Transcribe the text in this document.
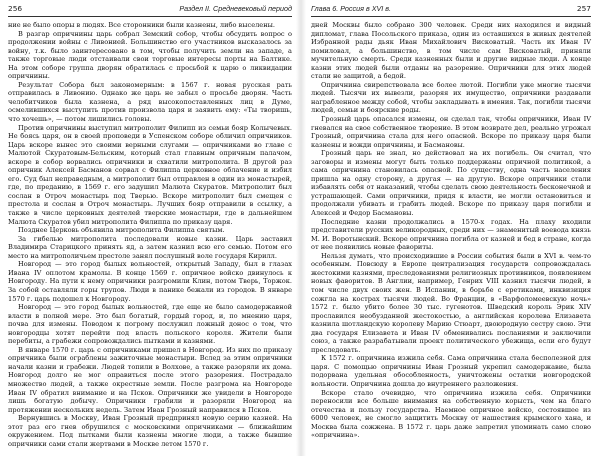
256	Раздел II. Средневековый период

ние не было опоры в людях. Все сторонники были казнены, либо выселены.

В разгар опричнины царь собрал Земский собор, чтобы обсудить вопрос о продолжении войны с Ливонией. Большинство его участников высказалось за войну, т.к. было заинтересовано в том, чтобы получить земли на западе, а также торговые люди отстаивали свои торговые интересы порты на Балтике. На этом соборе группа дворян обратилась с просьбой к царю о ликвидации опричнины.

Результат Собора был закономерным: в 1567 г. новая русская рать отправилась в Ливонию. Однако же царь не забыл о просьбе дворян. Часть челобитчиков была казнена, а ряд высокопоставленных лиц в Думе, осмелившихся выступить против произвола царя и заявить ему: «Ты творишь, что хочешь», — потом лишились головы.

Против опричнины выступил митрополит Филипп из семьи бояр Колычевых. Не боясь царя, он в своей проповеди в Успенском соборе обличил опричников. Царь вскоре вынес это своими верными слугами — опричниками во главе с Малютой Скуратовым-Бельским, который стал главным опричным палачом, вскоре в собор ворвались опричники и схватили митрополита. В другой раз опричник Алексей Басманов сорвал с Филиппа церковное облачение и избил его. Суд был неправедным, а митрополит был отправлен в один из монастырей, где, по преданию, в 1569 г. его задушил Малюта Скуратов. Митрополит был сослан в Отроч монастырь под Тверью. Вскоре митрополит был смещен с престола и сослан в Отроч монастырь. Лучших бояр отправили в ссылку, а также в числе церковных деятелей тверские монастыри, где в дальнейшем Малюта Скуратов убил митрополита Филиппа по приказу царя.

Позднее Церковь объявила митрополита Филиппа святым.

За гибелью митрополита последовали новые казни. Царь заставил Владимира Старицкого принять яд, а затем казнил всю его семью. Потом его место на митрополичьем престоле занял послушный воле государя Кирилл.

Новгород — это город былых вольностей, открытый Западу, был в глазах Ивана IV оплотом крамолы. В конце 1569 г. опричное войско двинулось к Новгороду. На пути к нему опричники разгромили Клин, потом Тверь, Торжок. За собой оставляли горы трупов. Люди в панике бежали из городов. В январе 1570 г. царь подошел к Новгороду.

Новгород — это город былых вольностей, где еще не было самодержавной власти в полной мере. Это был богатый, гордый город, и, по мнению царя, почва для измены. Поводом к погрому послужил ложный донос о том, что новгородцы хотят перейти под власть польского короля. Жители были перебиты, а грабежи сопровождались пытками и казнями.

В январе 1570 г. царь с опричниками пришел в Новгород. Из них по приказу опричника были ограблены зажиточные монастыри. Вслед за этим опричники начали казни и грабежи. Людей топили в Волхове, а также разоряли их дома. Новгород долго не мог оправиться после этого разорения. Пострадало множество людей, а также окрестные земли. После разгрома на Новгороде Иван IV обратил внимание и на Псков. Опричники же увидели в Новгороде лишь богатую добычу. Опричники грабили и разоряли Новгород на протяжении нескольких недель. Затем Иван Грозный направился в Псков.

Вернувшись в Москву, Иван Грозный предпринял новую серию казней. На этот раз его гнев обрушился с московскими опричниками — ближайшим окружением. Под пытками были казнены многие люди, а также бывшие опричники сами стали жертвами в Москве летом 1570 г.

Глава 6. Россия в XVI в.	257

дней Москвы было собрано 300 человек. Среди них находился и видный дипломат, глава Посольского приказа, один из оставшихся в живых деятелей Избранной рады дьяк Иван Михайлович Висковатый. Часть их Иван IV помиловал, а большинство, в том числе сам Висковатый, приняли мучительную смерть. Среди казненных были и другие видные люди. А конце казни этих людей были отданы на разорение. Опричники для этих людей стали не защитой, а бедой.

Опричнина свирепствовала все более лютой. Погибли уже многие тысячи людей. Тысячи их вывезли, разоряя их имущество, опричники раздавали награбленное между собой, чтобы закладывать в имения. Так, погибли тысячи людей, семьи и боярские роды.

Грозный царь опасался измены, он сделал так, чтобы опричники, Иван IV гневался на свое собственное творение. В этом возврате дел, реально угрожал Грозный, опричнина стала для него опасной. Вскоре по приказу царя были казнены и вожди опричнины, и Басмановы.

Грозный царь не знал, но действовал на их погибель. Он считал, что заговоры и измены могут быть только поддержаны опричной политикой, а сама опричнина становилась опасной. По существу, одна часть населения пришла на одну сторону, а другая — на другую. Вскоре опричники стали избавлять себя от наказаний, чтобы сделать свою деятельность бесконечной и устрашающей. Сами опричники, придя к власти, не могли остановиться и продолжали убивать и грабить людей. Вскоре по приказу царя погибли и Алексей и Федор Басмановы.

Последние казни продолжались в 1570-х годах. На плаху входили представители русских великородных, среди них — знаменитый воевода князь М. И. Воротынский. Вскоре опричнина погибла от казней и бед в стране, когда от нее появились новые фавориты.

Нельзя думать, что происходившие в России события были в XVI в. чем-то особенным. Повсюду в Европе централизация государств сопровождалась жестокими казнями, преследованиями религиозных противников, появлением новых фаворитов. В Англии, например, Генрих VIII казнил тысячи людей, в том числе двух своих жен. В Испании, в борьбе с еретиками, инквизиция сожгла на кострах тысячи людей. Во Франции, в «Варфоломеевскую ночь» 1572 г. было убито более 30 тыс. гугенотов. Шведский король Эрик XIV прославился необузданной жестокостью, а английская королева Елизавета казнила шотландскую королеву Марию Стюарт, двоюродную сестру свою. Эти два государя Елизавета и Иван IV обменивались посланиями и заключили союз, а также разрабатывали проект политического убежища, если его будут преследовать.

К 1572 г. опричнина изжила себя. Сама опричнина стала бесполезной для царя. С помощью опричнины Иван Грозный укрепил самодержавие, была подорвана удельная обособленность, уничтожены остатки новгородской вольности. Опричнина дошла до внутреннего разложения.

Вскоре стало очевидно, что опричнина изжила себя. Опричники переносили все больше внимания на собственную корысть, чем на благо отечества и пользу государства. Наемное опричное войско, состоявшее из 6000 человек, не смогло защитить Москву от нашествия крымского хана, и Москва была сожжена. В 1572 г. царь даже запретил упоминать само слово «опричнина».
